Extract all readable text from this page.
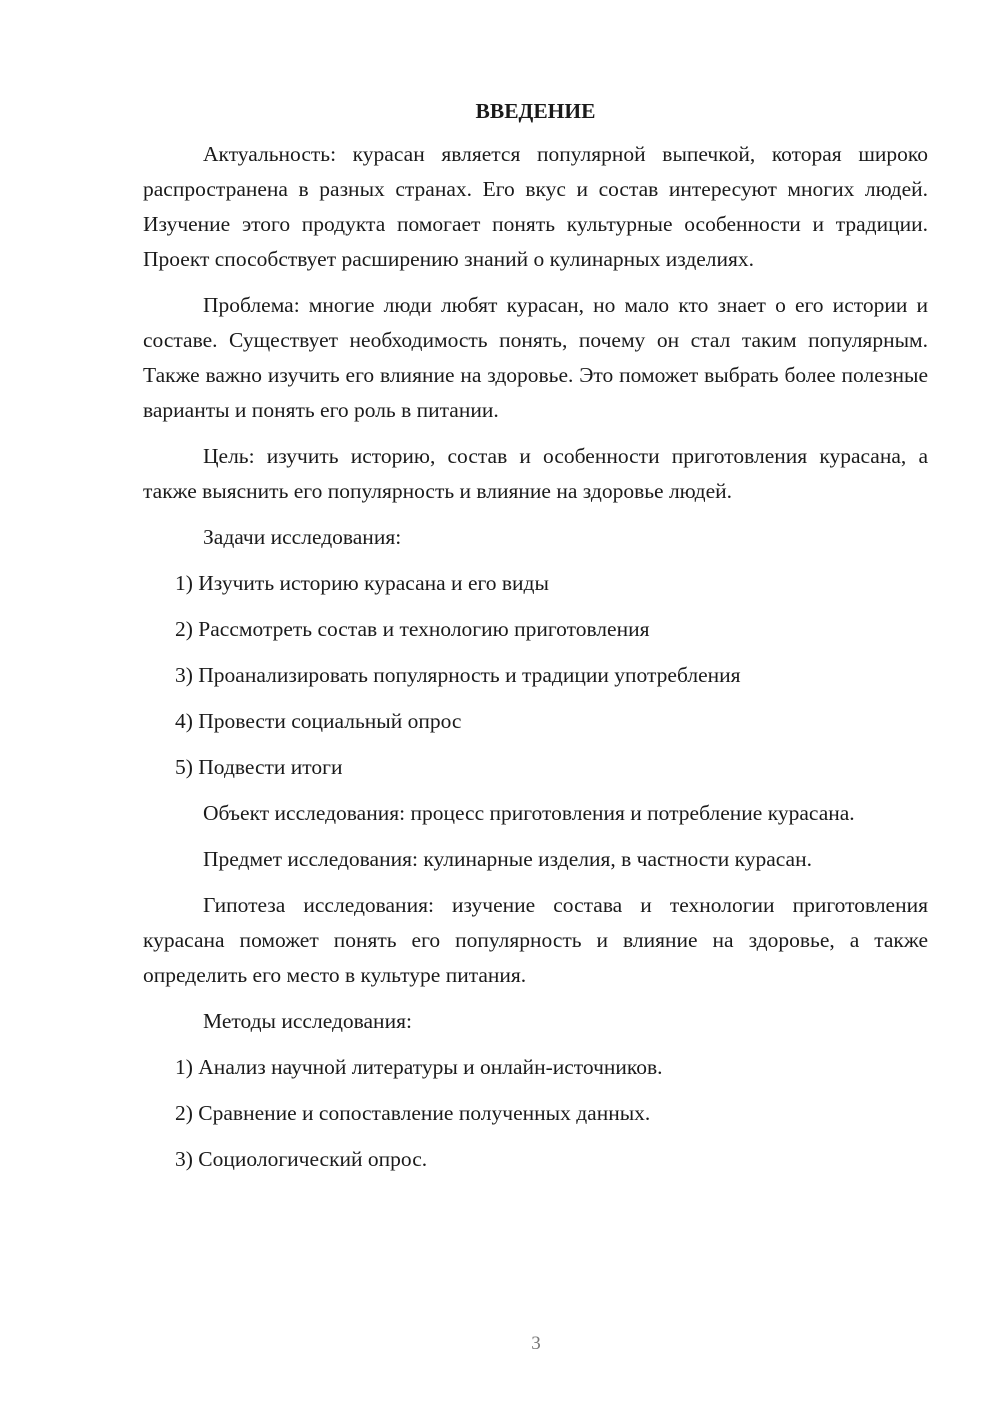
ВВЕДЕНИЕ

Актуальность: курасан является популярной выпечкой, которая широко распространена в разных странах. Его вкус и состав интересуют многих людей. Изучение этого продукта помогает понять культурные особенности и традиции. Проект способствует расширению знаний о кулинарных изделиях.

Проблема: многие люди любят курасан, но мало кто знает о его истории и составе. Существует необходимость понять, почему он стал таким популярным. Также важно изучить его влияние на здоровье. Это поможет выбрать более полезные варианты и понять его роль в питании.

Цель: изучить историю, состав и особенности приготовления курасана, а также выяснить его популярность и влияние на здоровье людей.

Задачи исследования:

1) Изучить историю курасана и его виды
2) Рассмотреть состав и технологию приготовления
3) Проанализировать популярность и традиции употребления
4) Провести социальный опрос
5) Подвести итоги

Объект исследования: процесс приготовления и потребление курасана.

Предмет исследования: кулинарные изделия, в частности курасан.

Гипотеза исследования: изучение состава и технологии приготовления курасана поможет понять его популярность и влияние на здоровье, а также определить его место в культуре питания.

Методы исследования:

1) Анализ научной литературы и онлайн-источников.
2) Сравнение и сопоставление полученных данных.
3) Социологический опрос.
3
